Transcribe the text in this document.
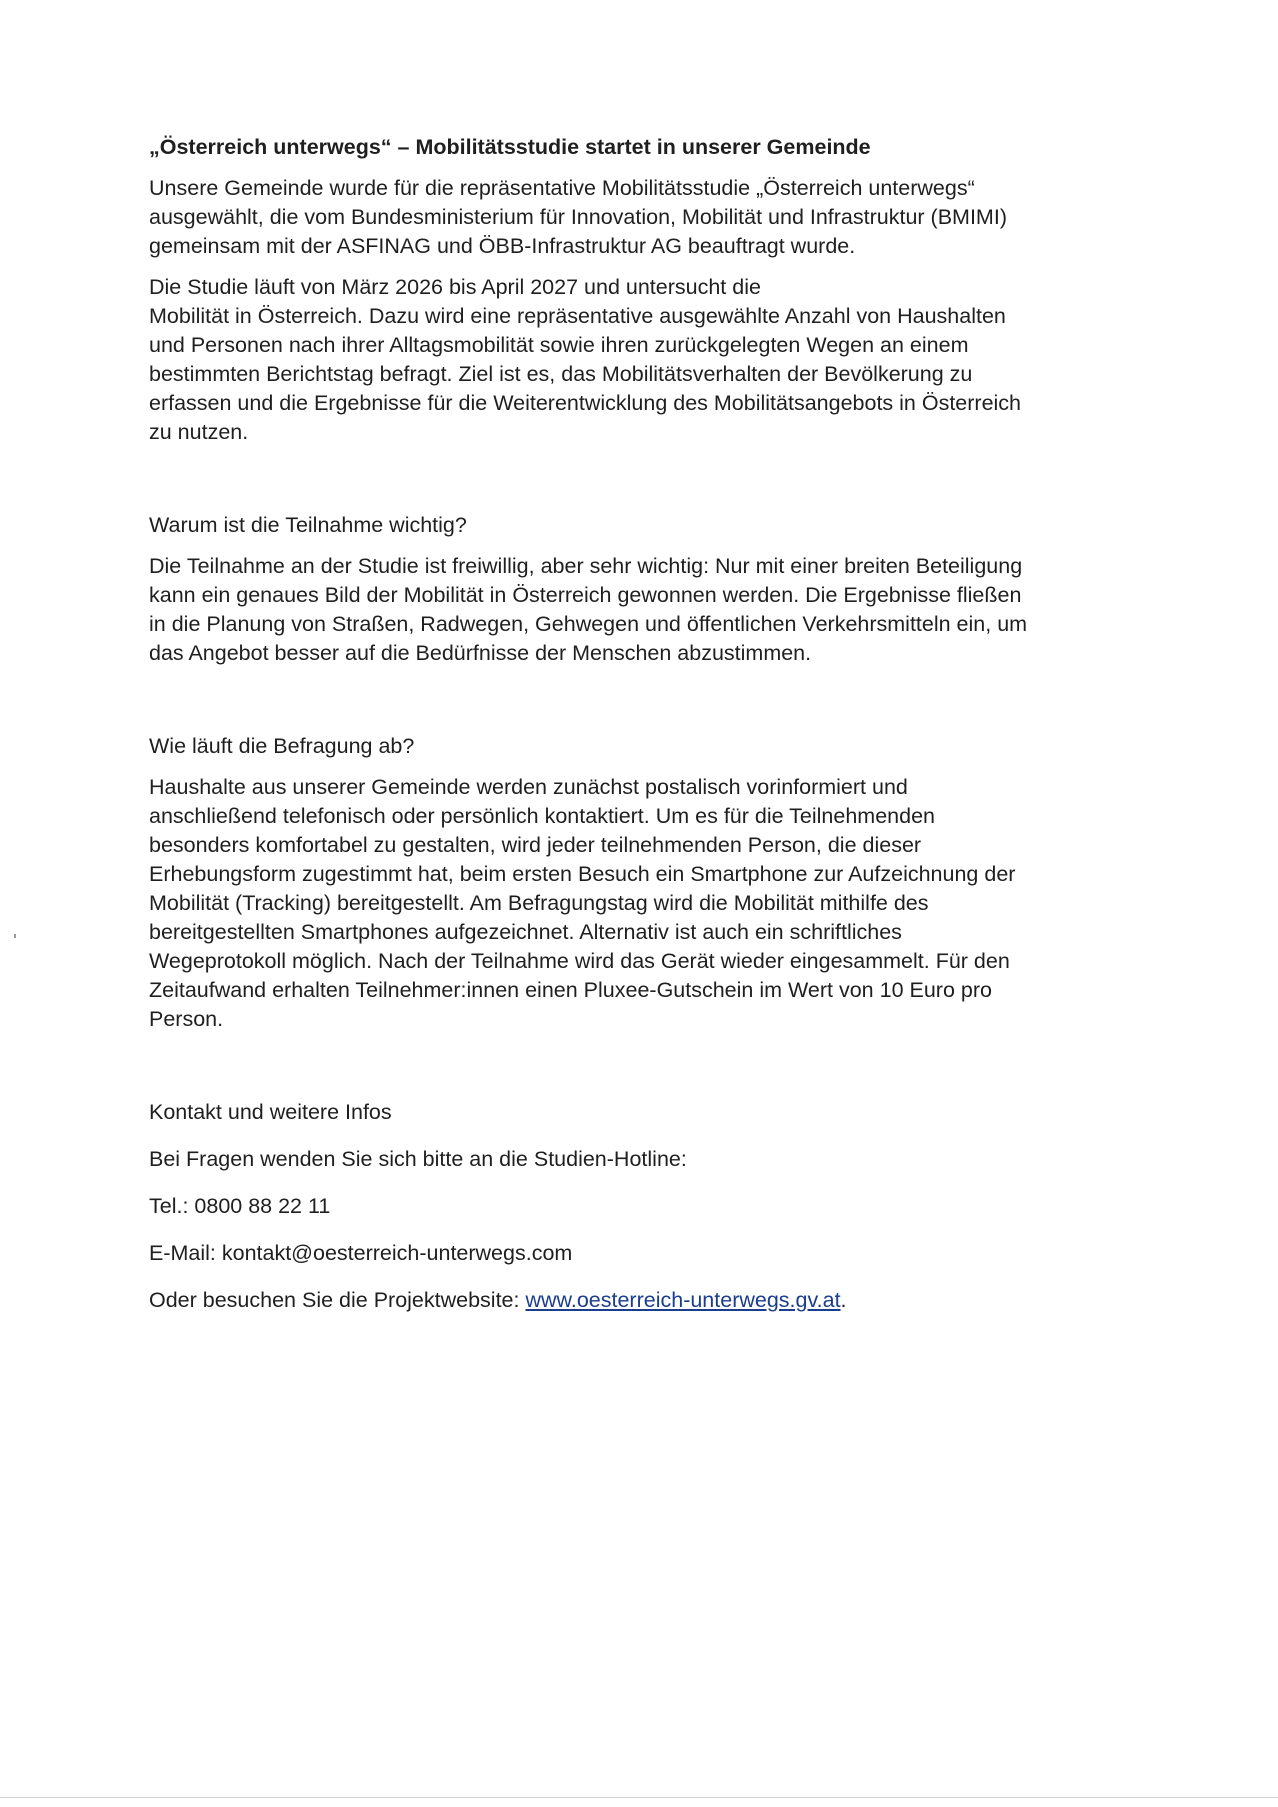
„Österreich unterwegs“ – Mobilitätsstudie startet in unserer Gemeinde

Unsere Gemeinde wurde für die repräsentative Mobilitätsstudie „Österreich unterwegs“
ausgewählt, die vom Bundesministerium für Innovation, Mobilität und Infrastruktur (BMIMI)
gemeinsam mit der ASFINAG und ÖBB-Infrastruktur AG beauftragt wurde.

Die Studie läuft von März 2026 bis April 2027 und untersucht die
Mobilität in Österreich. Dazu wird eine repräsentative ausgewählte Anzahl von Haushalten
und Personen nach ihrer Alltagsmobilität sowie ihren zurückgelegten Wegen an einem
bestimmten Berichtstag befragt. Ziel ist es, das Mobilitätsverhalten der Bevölkerung zu
erfassen und die Ergebnisse für die Weiterentwicklung des Mobilitätsangebots in Österreich
zu nutzen.

Warum ist die Teilnahme wichtig?

Die Teilnahme an der Studie ist freiwillig, aber sehr wichtig: Nur mit einer breiten Beteiligung
kann ein genaues Bild der Mobilität in Österreich gewonnen werden. Die Ergebnisse fließen
in die Planung von Straßen, Radwegen, Gehwegen und öffentlichen Verkehrsmitteln ein, um
das Angebot besser auf die Bedürfnisse der Menschen abzustimmen.

Wie läuft die Befragung ab?

Haushalte aus unserer Gemeinde werden zunächst postalisch vorinformiert und
anschließend telefonisch oder persönlich kontaktiert. Um es für die Teilnehmenden
besonders komfortabel zu gestalten, wird jeder teilnehmenden Person, die dieser
Erhebungsform zugestimmt hat, beim ersten Besuch ein Smartphone zur Aufzeichnung der
Mobilität (Tracking) bereitgestellt. Am Befragungstag wird die Mobilität mithilfe des
bereitgestellten Smartphones aufgezeichnet. Alternativ ist auch ein schriftliches
Wegeprotokoll möglich. Nach der Teilnahme wird das Gerät wieder eingesammelt. Für den
Zeitaufwand erhalten Teilnehmer:innen einen Pluxee-Gutschein im Wert von 10 Euro pro
Person.

Kontakt und weitere Infos

Bei Fragen wenden Sie sich bitte an die Studien-Hotline:

Tel.: 0800 88 22 11

E-Mail: kontakt@oesterreich-unterwegs.com

Oder besuchen Sie die Projektwebsite: www.oesterreich-unterwegs.gv.at.
